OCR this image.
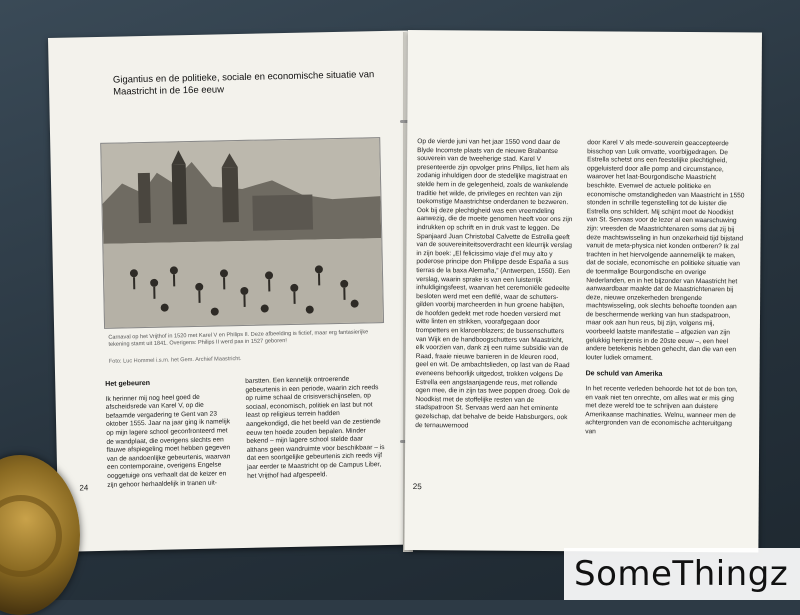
Gigantius en de politieke, sociale en economische situatie van Maastricht in de 16e eeuw
Carnaval op het Vrijthof in 1520 met Karel V en Philips II. Deze afbeelding is fictief, maar erg fantasierijke tekening stamt uit 1841. Overigens: Philips II werd pas in 1527 geboren!
Foto: Luc Hommel i.s.m. het Gem. Archief Maastricht.
Het gebeuren

Ik herinner mij nog heel goed de afscheidsrede van Karel V, op die befaamde vergadering te Gent van 23 oktober 1555. Jaar na jaar ging ik namelijk op mijn lagere school geconfronteerd met de wandplaat, die overigens slechts een flauwe afspiegeling moet hebben gegeven van de aandoenlijke gebeurtenis, waarvan een contemporaine, overigens Engelse ooggetuige ons verhaalt dat de keizer en zijn gehoor herhaaldelijk in tranen uit-

barstten. Een kennelijk ontroerende gebeurtenis in een periode, waarin zich reeds op ruime schaal de crisisverschijnselen, op sociaal, economisch, politiek en last but not least op religieus terrein hadden aangekondigd, die het beeld van de zestiende eeuw ten hoede zouden bepalen. Minder bekend – mijn lagere school stelde daar althans geen wandruimte voor beschikbaar – is dat een soortgelijke gebeurtenis zich reeds vijf jaar eerder te Maastricht op de Campus Liber, het Vrijthof had afgespeeld.

24

Op de vierde juni van het jaar 1550 vond daar de Blyde Incomste plaats van de nieuwe Brabantse souverein van de tweeherige stad. Karel V presenteerde zijn opvolger prins Philips, liet hem als zodanig inhuldigen door de stedelijke magistraat en stelde hem in de gelegenheid, zoals de wankelende traditie het wilde, de privileges en rechten van zijn toekomstige Maastrichtse onderdanen te bezweren. Ook bij deze plechtigheid was een vreemdeling aanwezig, die de moeite genomen heeft voor ons zijn indrukken op schrift en in druk vast te leggen. De Spanjaard Juan Christobal Calvette de Estrella geeft van de souvereiniteitsoverdracht een kleurrijk verslag in zijn boek: „El felicissimo viaje d'el muy alto y poderose principe don Philippe desde España a sus tierras de la baxa Alemaña,” (Antwerpen, 1550). Een verslag, waarin sprake is van een luisterrijk inhuldigingsfeest, waarvan het ceremoniële gedeelte besloten werd met een defilé, waar de schutters-gilden voorbij marcheerden in hun groene habijten, de hoofden gedekt met rode hoeden versierd met witte linten en strikken, voorafgegaan door trompetters en klaroenblazers; de bussenschutters van Wijk en de handboogschutters van Maastricht, elk voorzien van, dank zij een ruime subsidie van de Raad, fraaie nieuwe banieren in de kleuren rood, geel en wit. De ambachtslieden, op last van de Raad eveneens behoorlijk uitgedost, trokken volgens De Estrella een angstaanjagende reus, met rollende ogen mee, die in zijn tas twee poppen droeg. Ook de Noodkist met de stoffelijke resten van de stadspatroon St. Servaas werd aan het eminente gezelschap, dat behalve de beide Habsburgers, ook de ternauwernood

door Karel V als mede-souverein geaccepteerde bisschop van Luik omvatte, voorbijgedragen. De Estrella schetst ons een feestelijke plechtigheid, opgeluisterd door alle pomp and circumstance, waarover het laat-Bourgondische Maastricht beschikte. Evenwel de actuele politieke en economische omstandigheden van Maastricht in 1550 stonden in schrille tegenstelling tot de luister die Estrella ons schildert. Mij schijnt moet de Noodkist van St. Servaas voor de lezer al een waarschuwing zijn: vreesden de Maastrichtenaren soms dat zij bij deze machtswisseling in hun onzekerheid tijd bijstand vanuit de meta-physica niet konden ontberen? Ik zal trachten in het hiervolgende aannemelijk te maken, dat de sociale, economische en politieke situatie van de toenmalige Bourgondische en overige Nederlanden, en in het bijzonder van Maastricht het aanwaardbaar maakte dat de Maastrichtenaren bij deze, nieuwe onzekerheden brengende machtswisseling, ook slechts behoefte toonden aan de beschermende werking van hun stadspatroon, maar ook aan hun reus, bij zijn, volgens mij, voorbeeld laatste manifestatie – afgezien van zijn gelukkig herrijzenis in de 20ste eeuw –, een heel andere betekenis hebben gehecht, dan die van een louter ludiek ornament.

De schuld van Amerika

In het recente verleden behoorde het tot de bon ton, en vaak niet ten onrechte, om alles wat er mis ging met deze wereld toe te schrijven aan duistere Amerikaanse machinaties. Welnu, wanneer men de achtergronden van de economische achteruitgang van

25
SomeThingz
